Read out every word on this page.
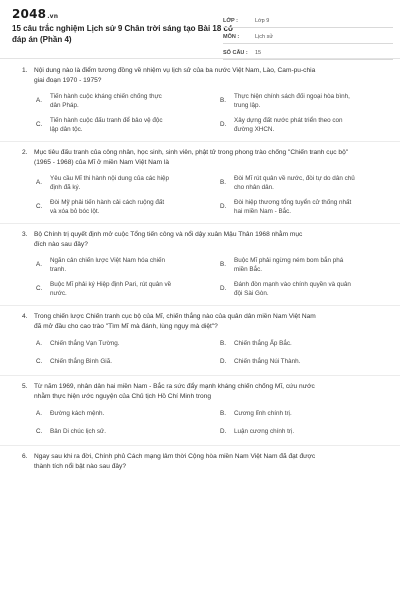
2048.vn
15 câu trắc nghiệm Lịch sử 9 Chân trời sáng tạo Bài 18 có đáp án (Phần 4)
LỚP :	Lớp 9
MÔN :	Lịch sử
SỐ CÂU :	15
1. Nội dung nào là điểm tương đồng về nhiệm vụ lịch sử của ba nước Việt Nam, Lào, Cam-pu-chia
giai đoạn 1970 - 1975?
A.
Tiến hành cuộc kháng chiến chống thực
dân Pháp.
B.
Thực hiện chính sách đối ngoại hòa bình,
trung lập.
C.
Tiến hành cuộc đấu tranh để bảo vệ độc
lập dân tộc.
D.
Xây dựng đất nước phát triển theo con
đường XHCN.
2. Mục tiêu đấu tranh của công nhân, học sinh, sinh viên, phật tử trong phong trào chống "Chiến tranh cục bộ"
(1965 - 1968) của Mĩ ở miền Nam Việt Nam là
A.
Yêu cầu Mĩ thi hành nội dung của các hiệp
định đã ký.
B.
Đòi Mĩ rút quân về nước, đòi tự do dân chủ
cho nhân dân.
C.
Đòi Mỹ phải tiến hành cải cách ruộng đất
và xóa bỏ bóc lột.
D.
Đòi hiệp thương tổng tuyển cử thống nhất
hai miền Nam - Bắc.
3. Bộ Chính trị quyết định mở cuộc Tổng tiến công và nổi dậy xuân Mậu Thân 1968 nhằm mục
đích nào sau đây?
A.
Ngăn cản chiến lược Việt Nam hóa chiến
tranh.
B.
Buộc Mĩ phải ngừng ném bom bắn phá
miền Bắc.
C.
Buộc Mĩ phải ký Hiệp định Pari, rút quân về
nước.
D.
Đánh đòn mạnh vào chính quyền và quân
đội Sài Gòn.
4. Trong chiến lược Chiến tranh cục bộ của Mĩ, chiến thắng nào của quân dân miền Nam Việt Nam
đã mở đầu cho cao trào "Tìm Mĩ mà đánh, lùng ngụy mà diệt"?
A.	Chiến thắng Vạn Tường.	B.	Chiến thắng Ấp Bắc.
C.	Chiến thắng Bình Giã.	D.	Chiến thắng Núi Thành.
5. Từ năm 1969, nhân dân hai miền Nam - Bắc ra sức đẩy mạnh kháng chiến chống Mĩ, cứu nước
nhằm thực hiện ước nguyện của Chủ tịch Hồ Chí Minh trong
A.	Đường kách mệnh.	B.	Cương lĩnh chính trị.
C.	Bản Di chúc lịch sử.	D.	Luận cương chính trị.
6. Ngay sau khi ra đời, Chính phủ Cách mạng lâm thời Cộng hòa miền Nam Việt Nam đã đạt được
thành tích nổi bật nào sau đây?
